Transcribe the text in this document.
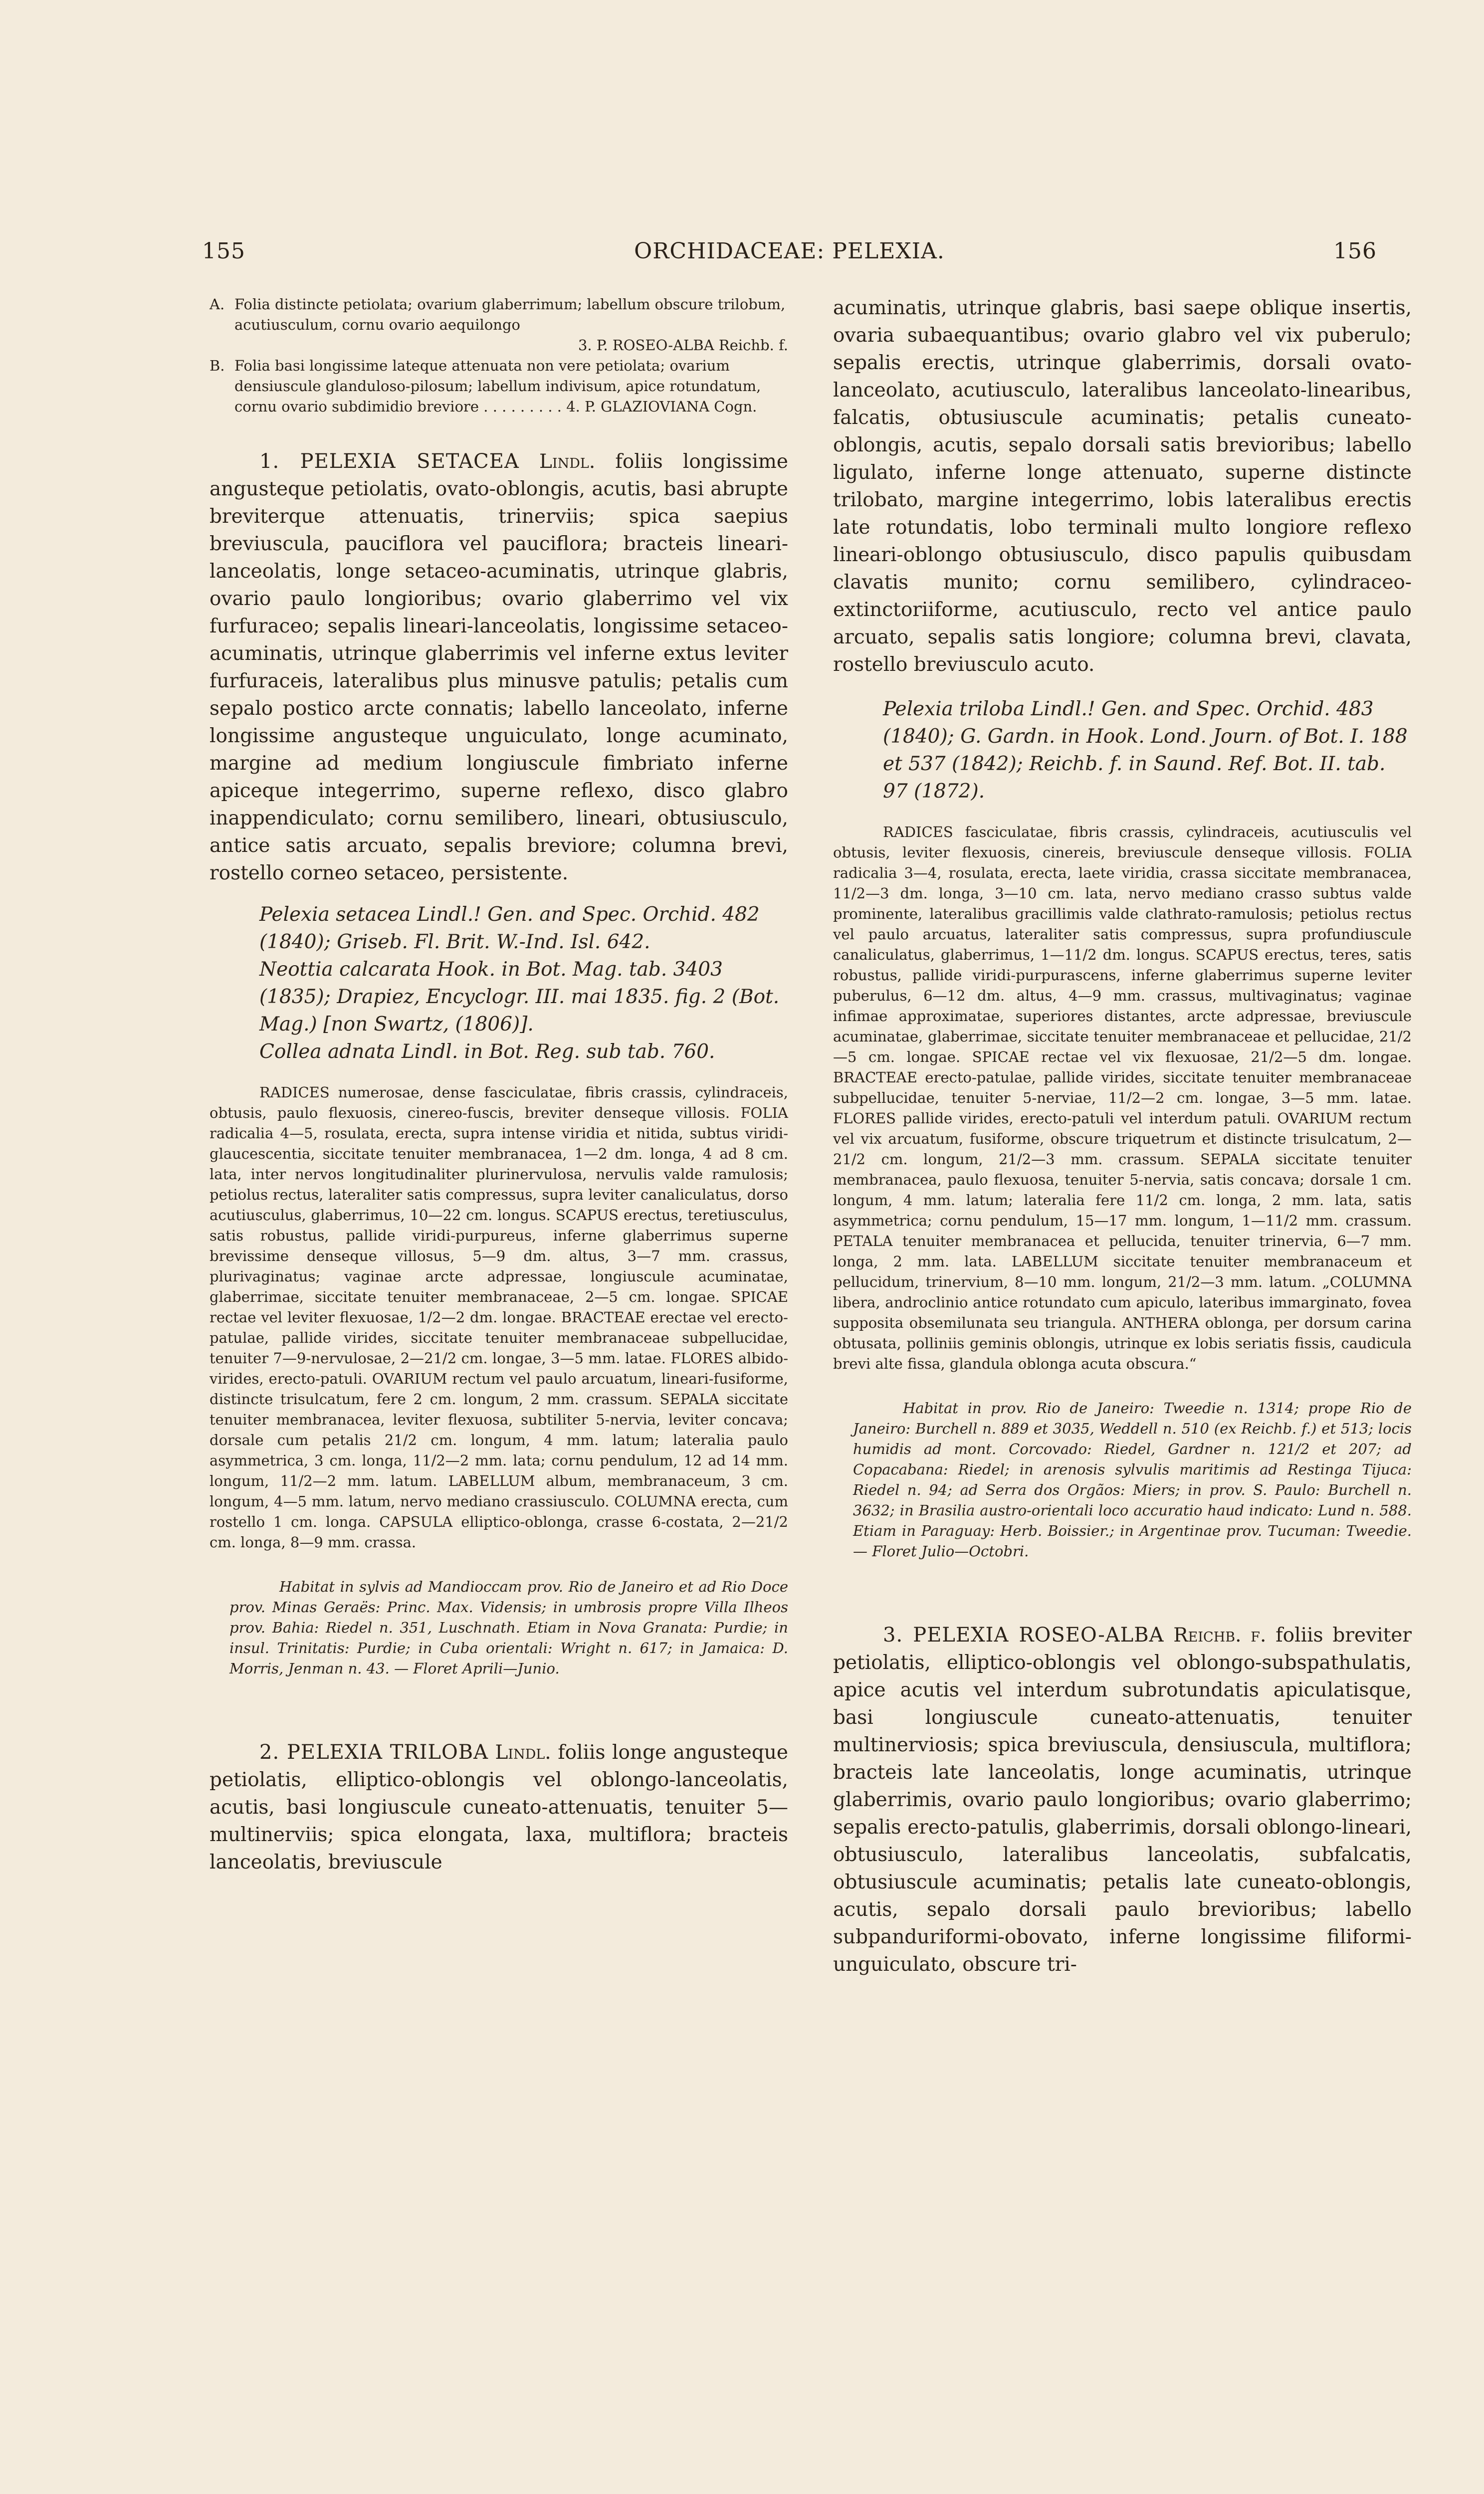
155	ORCHIDACEAE: PELEXIA.	156
A. Folia distincte petiolata; ovarium glaberrimum; labellum obscure trilobum, acutiusculum, cornu ovario aequilongo
3. P. ROSEO-ALBA Reichb. f.
B. Folia basi longissime lateque attenuata non vere petiolata; ovarium densiuscule glanduloso-pilosum; labellum indivisum, apice rotundatum, cornu ovario subdimidio breviore . . . . . . . . . 4. P. GLAZIOVIANA Cogn.

1. PELEXIA SETACEA Lindl. foliis longissime angusteque petiolatis, ovato-oblongis, acutis, basi abrupte breviterque attenuatis, trinerviis; spica saepius breviuscula, pauciflora vel pauciflora; bracteis lineari-lanceolatis, longe setaceo-acuminatis, utrinque glabris, ovario paulo longioribus; ovario glaberrimo vel vix furfuraceo; sepalis lineari-lanceolatis, longissime setaceo-acuminatis, utrinque glaberrimis vel inferne extus leviter furfuraceis, lateralibus plus minusve patulis; petalis cum sepalo postico arcte connatis; labello lanceolato, inferne longissime angusteque unguiculato, longe acuminato, margine ad medium longiuscule fimbriato inferne apiceque integerrimo, superne reflexo, disco glabro inappendiculato; cornu semilibero, lineari, obtusiusculo, antice satis arcuato, sepalis breviore; columna brevi, rostello corneo setaceo, persistente.

Pelexia setacea Lindl.! Gen. and Spec. Orchid. 482 (1840); Griseb. Fl. Brit. W.-Ind. Isl. 642.

Neottia calcarata Hook. in Bot. Mag. tab. 3403 (1835); Drapiez, Encyclogr. III. mai 1835. fig. 2 (Bot. Mag.) [non Swartz, (1806)].

Collea adnata Lindl. in Bot. Reg. sub tab. 760.

RADICES numerosae, dense fasciculatae, fibris crassis, cylindraceis, obtusis, paulo flexuosis, cinereo-fuscis, breviter denseque villosis. FOLIA radicalia 4—5, rosulata, erecta, supra intense viridia et nitida, subtus viridi-glaucescentia, siccitate tenuiter membranacea, 1—2 dm. longa, 4 ad 8 cm. lata, inter nervos longitudinaliter plurinervulosa, nervulis valde ramulosis; petiolus rectus, lateraliter satis compressus, supra leviter canaliculatus, dorso acutiusculus, glaberrimus, 10—22 cm. longus. SCAPUS erectus, teretiusculus, satis robustus, pallide viridi-purpureus, inferne glaberrimus superne brevissime denseque villosus, 5—9 dm. altus, 3—7 mm. crassus, plurivaginatus; vaginae arcte adpressae, longiuscule acuminatae, glaberrimae, siccitate tenuiter membranaceae, 2—5 cm. longae. SPICAE rectae vel leviter flexuosae, 1/2—2 dm. longae. BRACTEAE erectae vel erecto-patulae, pallide virides, siccitate tenuiter membranaceae subpellucidae, tenuiter 7—9-nervulosae, 2—21/2 cm. longae, 3—5 mm. latae. FLORES albido-virides, erecto-patuli. OVARIUM rectum vel paulo arcuatum, lineari-fusiforme, distincte trisulcatum, fere 2 cm. longum, 2 mm. crassum. SEPALA siccitate tenuiter membranacea, leviter flexuosa, subtiliter 5-nervia, leviter concava; dorsale cum petalis 21/2 cm. longum, 4 mm. latum; lateralia paulo asymmetrica, 3 cm. longa, 11/2—2 mm. lata; cornu pendulum, 12 ad 14 mm. longum, 11/2—2 mm. latum. LABELLUM album, membranaceum, 3 cm. longum, 4—5 mm. latum, nervo mediano crassiusculo. COLUMNA erecta, cum rostello 1 cm. longa. CAPSULA elliptico-oblonga, crasse 6-costata, 2—21/2 cm. longa, 8—9 mm. crassa.

Habitat in sylvis ad Mandioccam prov. Rio de Janeiro et ad Rio Doce prov. Minas Geraës: Princ. Max. Vidensis; in umbrosis propre Villa Ilheos prov. Bahia: Riedel n. 351, Luschnath. Etiam in Nova Granata: Purdie; in insul. Trinitatis: Purdie; in Cuba orientali: Wright n. 617; in Jamaica: D. Morris, Jenman n. 43. — Floret Aprili—Junio.

2. PELEXIA TRILOBA Lindl. foliis longe angusteque petiolatis, elliptico-oblongis vel oblongo-lanceolatis, acutis, basi longiuscule cuneato-attenuatis, tenuiter 5—multinerviis; spica elongata, laxa, multiflora; bracteis lanceolatis, breviuscule

acuminatis, utrinque glabris, basi saepe oblique insertis, ovaria subaequantibus; ovario glabro vel vix puberulo; sepalis erectis, utrinque glaberrimis, dorsali ovato-lanceolato, acutiusculo, lateralibus lanceolato-linearibus, falcatis, obtusiuscule acuminatis; petalis cuneato-oblongis, acutis, sepalo dorsali satis brevioribus; labello ligulato, inferne longe attenuato, superne distincte trilobato, margine integerrimo, lobis lateralibus erectis late rotundatis, lobo terminali multo longiore reflexo lineari-oblongo obtusiusculo, disco papulis quibusdam clavatis munito; cornu semilibero, cylindraceo-extinctoriiforme, acutiusculo, recto vel antice paulo arcuato, sepalis satis longiore; columna brevi, clavata, rostello breviusculo acuto.

Pelexia triloba Lindl.! Gen. and Spec. Orchid. 483 (1840); G. Gardn. in Hook. Lond. Journ. of Bot. I. 188 et 537 (1842); Reichb. f. in Saund. Ref. Bot. II. tab. 97 (1872).

RADICES fasciculatae, fibris crassis, cylindraceis, acutiusculis vel obtusis, leviter flexuosis, cinereis, breviuscule denseque villosis. FOLIA radicalia 3—4, rosulata, erecta, laete viridia, crassa siccitate membranacea, 11/2—3 dm. longa, 3—10 cm. lata, nervo mediano crasso subtus valde prominente, lateralibus gracillimis valde clathrato-ramulosis; petiolus rectus vel paulo arcuatus, lateraliter satis compressus, supra profundiuscule canaliculatus, glaberrimus, 1—11/2 dm. longus. SCAPUS erectus, teres, satis robustus, pallide viridi-purpurascens, inferne glaberrimus superne leviter puberulus, 6—12 dm. altus, 4—9 mm. crassus, multivaginatus; vaginae infimae approximatae, superiores distantes, arcte adpressae, breviuscule acuminatae, glaberrimae, siccitate tenuiter membranaceae et pellucidae, 21/2—5 cm. longae. SPICAE rectae vel vix flexuosae, 21/2—5 dm. longae. BRACTEAE erecto-patulae, pallide virides, siccitate tenuiter membranaceae subpellucidae, tenuiter 5-nerviae, 11/2—2 cm. longae, 3—5 mm. latae. FLORES pallide virides, erecto-patuli vel interdum patuli. OVARIUM rectum vel vix arcuatum, fusiforme, obscure triquetrum et distincte trisulcatum, 2—21/2 cm. longum, 21/2—3 mm. crassum. SEPALA siccitate tenuiter membranacea, paulo flexuosa, tenuiter 5-nervia, satis concava; dorsale 1 cm. longum, 4 mm. latum; lateralia fere 11/2 cm. longa, 2 mm. lata, satis asymmetrica; cornu pendulum, 15—17 mm. longum, 1—11/2 mm. crassum. PETALA tenuiter membranacea et pellucida, tenuiter trinervia, 6—7 mm. longa, 2 mm. lata. LABELLUM siccitate tenuiter membranaceum et pellucidum, trinervium, 8—10 mm. longum, 21/2—3 mm. latum. „COLUMNA libera, androclinio antice rotundato cum apiculo, lateribus immarginato, fovea supposita obsemilunata seu triangula. ANTHERA oblonga, per dorsum carina obtusata, polliniis geminis oblongis, utrinque ex lobis seriatis fissis, caudicula brevi alte fissa, glandula oblonga acuta obscura.“

Habitat in prov. Rio de Janeiro: Tweedie n. 1314; prope Rio de Janeiro: Burchell n. 889 et 3035, Weddell n. 510 (ex Reichb. f.) et 513; locis humidis ad mont. Corcovado: Riedel, Gardner n. 121/2 et 207; ad Copacabana: Riedel; in arenosis sylvulis maritimis ad Restinga Tijuca: Riedel n. 94; ad Serra dos Orgãos: Miers; in prov. S. Paulo: Burchell n. 3632; in Brasilia austro-orientali loco accuratio haud indicato: Lund n. 588. Etiam in Paraguay: Herb. Boissier.; in Argentinae prov. Tucuman: Tweedie. — Floret Julio—Octobri.

3. PELEXIA ROSEO-ALBA Reichb. f. foliis breviter petiolatis, elliptico-oblongis vel oblongo-subspathulatis, apice acutis vel interdum subrotundatis apiculatisque, basi longiuscule cuneato-attenuatis, tenuiter multinerviosis; spica breviuscula, densiuscula, multiflora; bracteis late lanceolatis, longe acuminatis, utrinque glaberrimis, ovario paulo longioribus; ovario glaberrimo; sepalis erecto-patulis, glaberrimis, dorsali oblongo-lineari, obtusiusculo, lateralibus lanceolatis, subfalcatis, obtusiuscule acuminatis; petalis late cuneato-oblongis, acutis, sepalo dorsali paulo brevioribus; labello subpanduriformi-obovato, inferne longissime filiformi-unguiculato, obscure tri-
